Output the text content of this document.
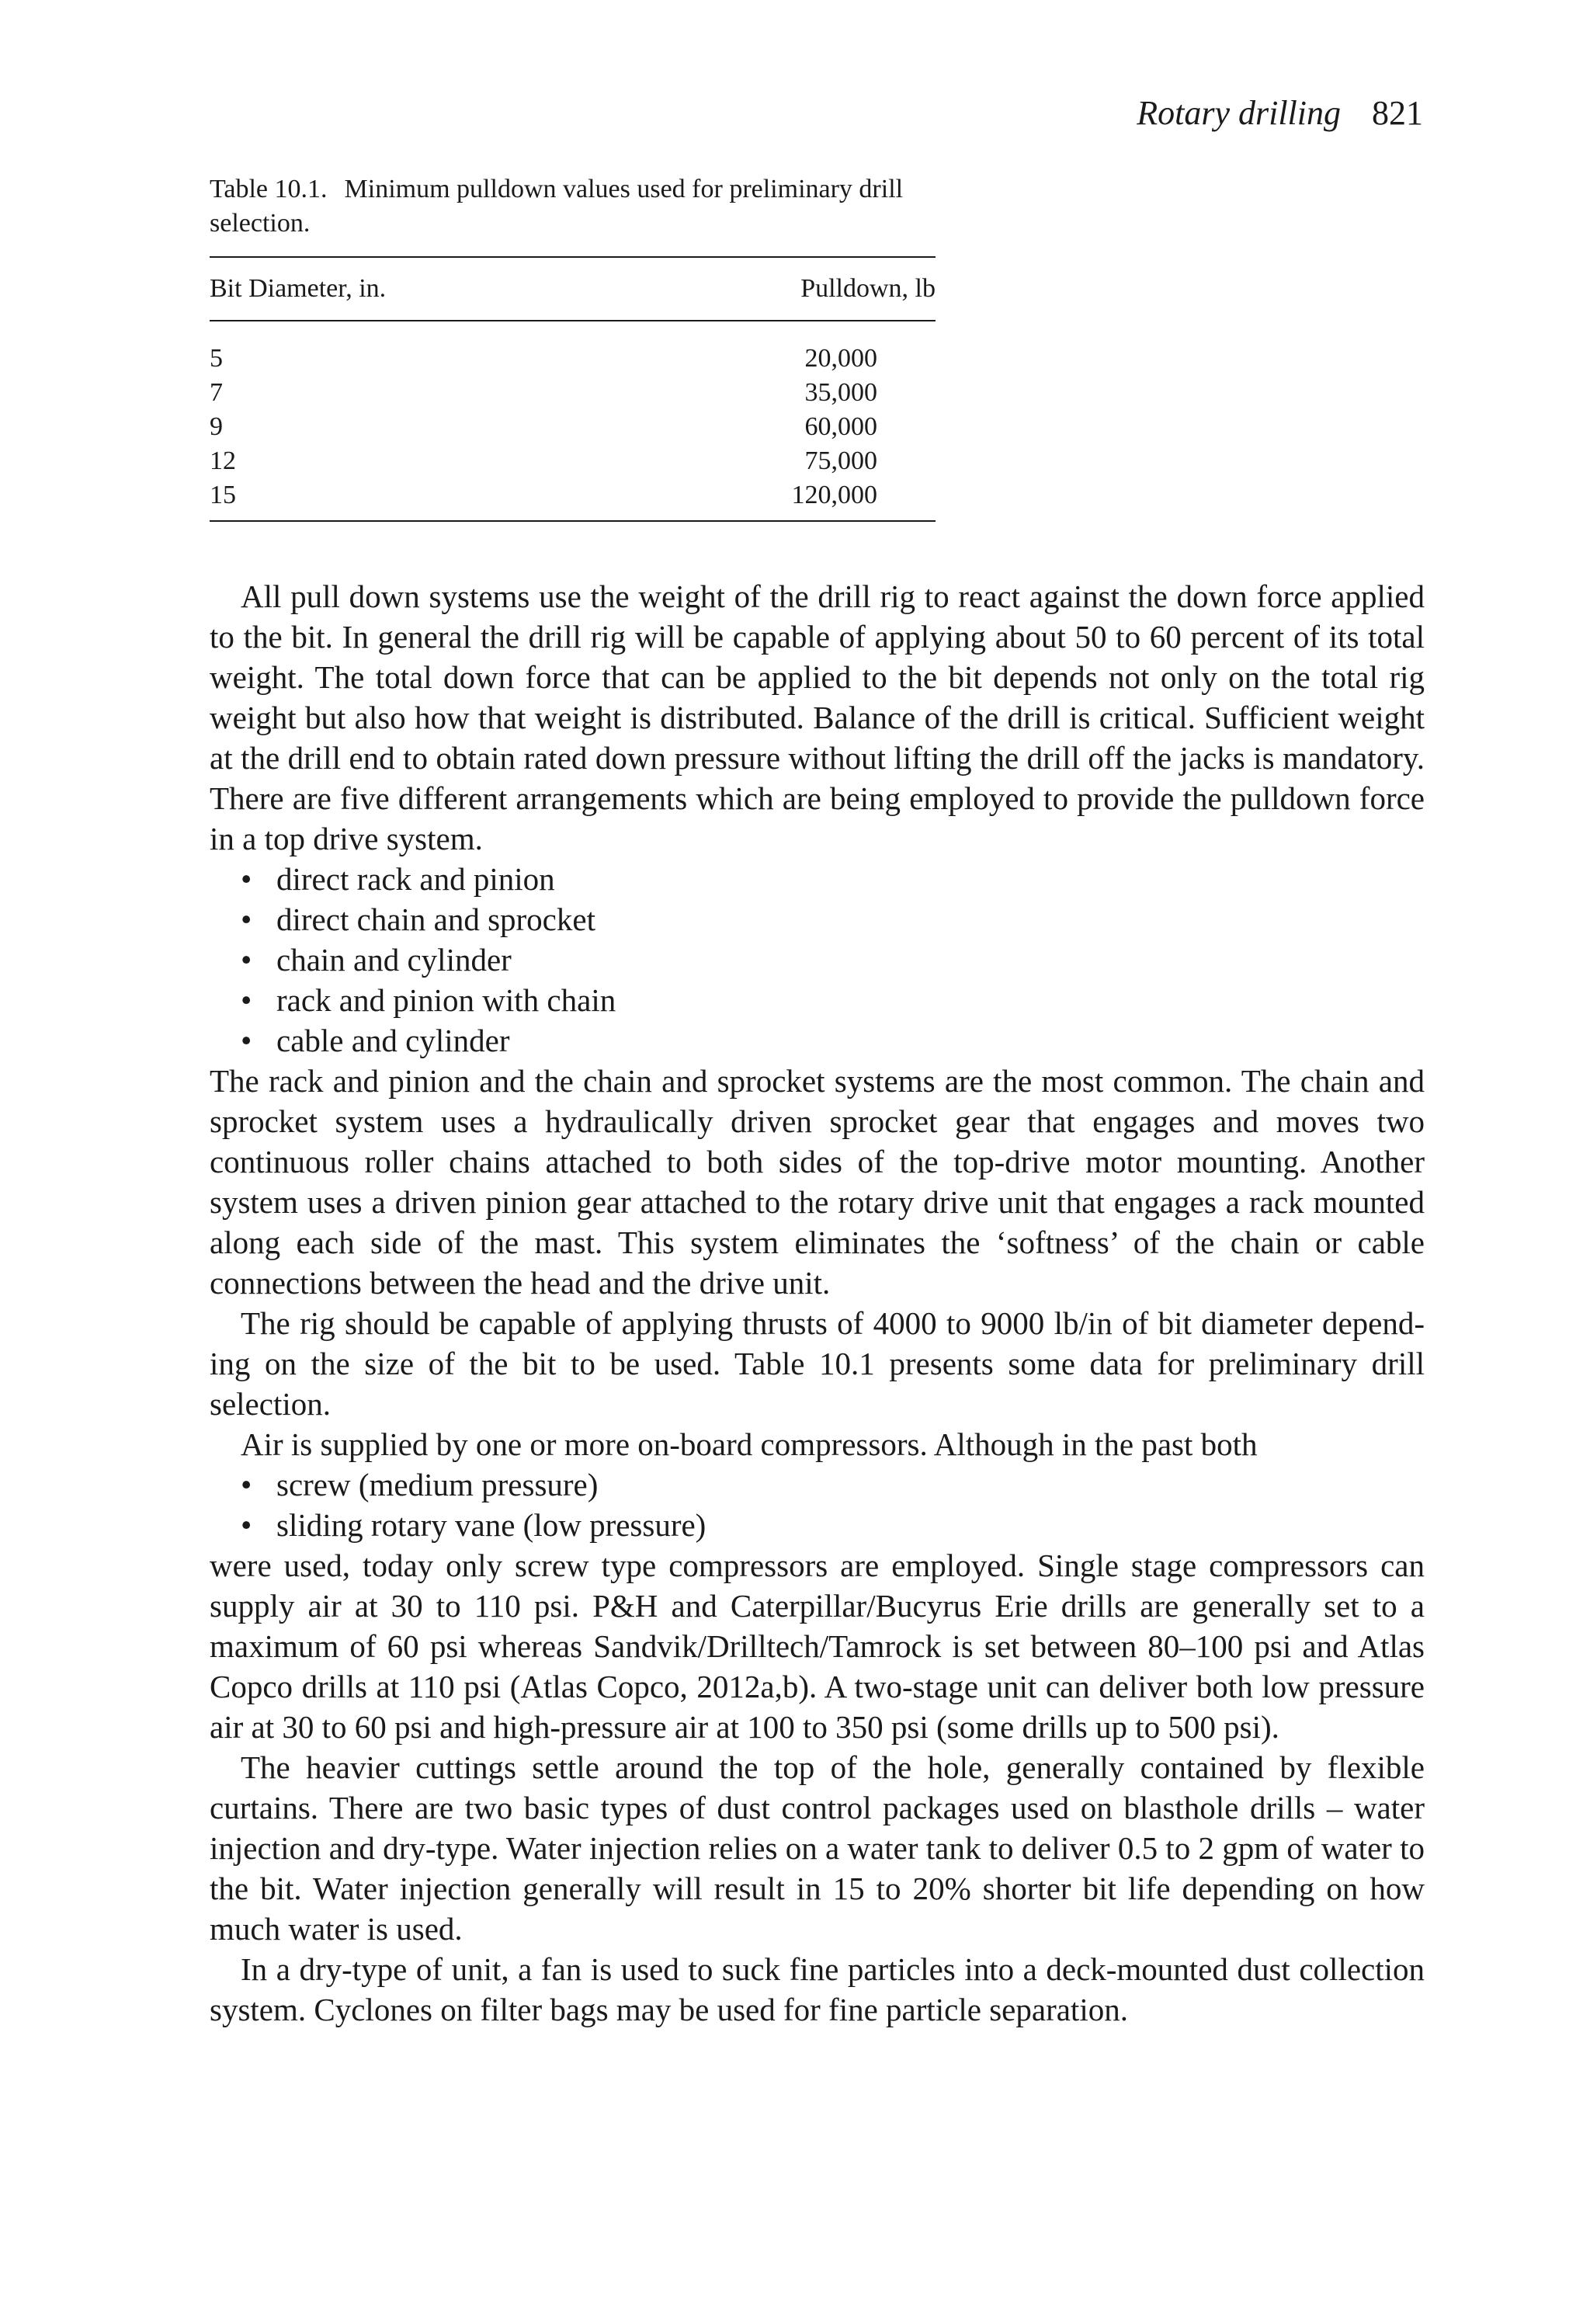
Rotary drilling 821

Table 10.1. Minimum pulldown values used for preliminary drill selection.

Bit Diameter, in.	Pulldown, lb
5	20,000
7	35,000
9	60,000
12	75,000
15	120,000

All pull down systems use the weight of the drill rig to react against the down force applied to the bit. In general the drill rig will be capable of applying about 50 to 60 percent of its total weight. The total down force that can be applied to the bit depends not only on the total rig weight but also how that weight is distributed. Balance of the drill is critical. Sufficient weight at the drill end to obtain rated down pressure without lifting the drill off the jacks is mandatory. There are five different arrangements which are being employed to provide the pulldown force in a top drive system.

• direct rack and pinion
• direct chain and sprocket
• chain and cylinder
• rack and pinion with chain
• cable and cylinder

The rack and pinion and the chain and sprocket systems are the most common. The chain and sprocket system uses a hydraulically driven sprocket gear that engages and moves two continuous roller chains attached to both sides of the top-drive motor mounting. Another system uses a driven pinion gear attached to the rotary drive unit that engages a rack mounted along each side of the mast. This system eliminates the ‘softness’ of the chain or cable connections between the head and the drive unit.

The rig should be capable of applying thrusts of 4000 to 9000 lb/in of bit diameter depending on the size of the bit to be used. Table 10.1 presents some data for preliminary drill selection.

Air is supplied by one or more on-board compressors. Although in the past both

• screw (medium pressure)
• sliding rotary vane (low pressure)

were used, today only screw type compressors are employed. Single stage compressors can supply air at 30 to 110 psi. P&H and Caterpillar/Bucyrus Erie drills are generally set to a maximum of 60 psi whereas Sandvik/Drilltech/Tamrock is set between 80–100 psi and Atlas Copco drills at 110 psi (Atlas Copco, 2012a,b). A two-stage unit can deliver both low pressure air at 30 to 60 psi and high-pressure air at 100 to 350 psi (some drills up to 500 psi).

The heavier cuttings settle around the top of the hole, generally contained by flexible curtains. There are two basic types of dust control packages used on blasthole drills – water injection and dry-type. Water injection relies on a water tank to deliver 0.5 to 2 gpm of water to the bit. Water injection generally will result in 15 to 20% shorter bit life depending on how much water is used.

In a dry-type of unit, a fan is used to suck fine particles into a deck-mounted dust collection system. Cyclones on filter bags may be used for fine particle separation.
